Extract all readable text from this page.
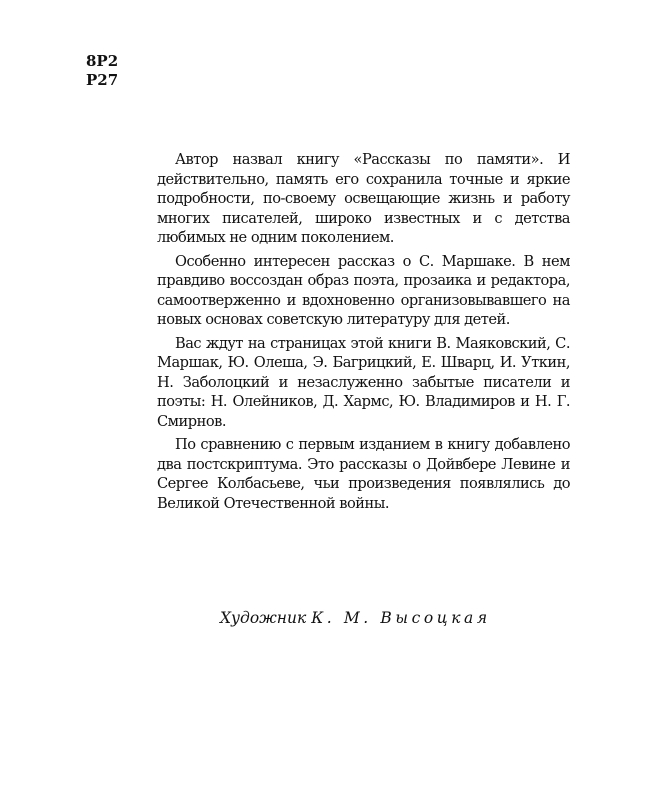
8Р2
Р27

Автор назвал книгу «Рассказы по памяти». И действительно, память его сохранила точные и яркие подробности, по-своему освещающие жизнь и работу многих писателей, широко известных и с детства любимых не одним поколением.

Особенно интересен рассказ о С. Маршаке. В нем правдиво воссоздан образ поэта, прозаика и редактора, самоотверженно и вдохновенно организовывавшего на новых основах советскую литературу для детей.

Вас ждут на страницах этой книги В. Маяковский, С. Маршак, Ю. Олеша, Э. Багрицкий, Е. Шварц, И. Уткин, Н. Заболоцкий и незаслуженно забытые писатели и поэты: Н. Олейников, Д. Хармс, Ю. Владимиров и Н. Г. Смирнов.

По сравнению с первым изданием в книгу добавлено два постскриптума. Это рассказы о Дойвбере Левине и Сергее Колбасьеве, чьи произведения появлялись до Великой Отечественной войны.

Художник К. М. Высоцкая
